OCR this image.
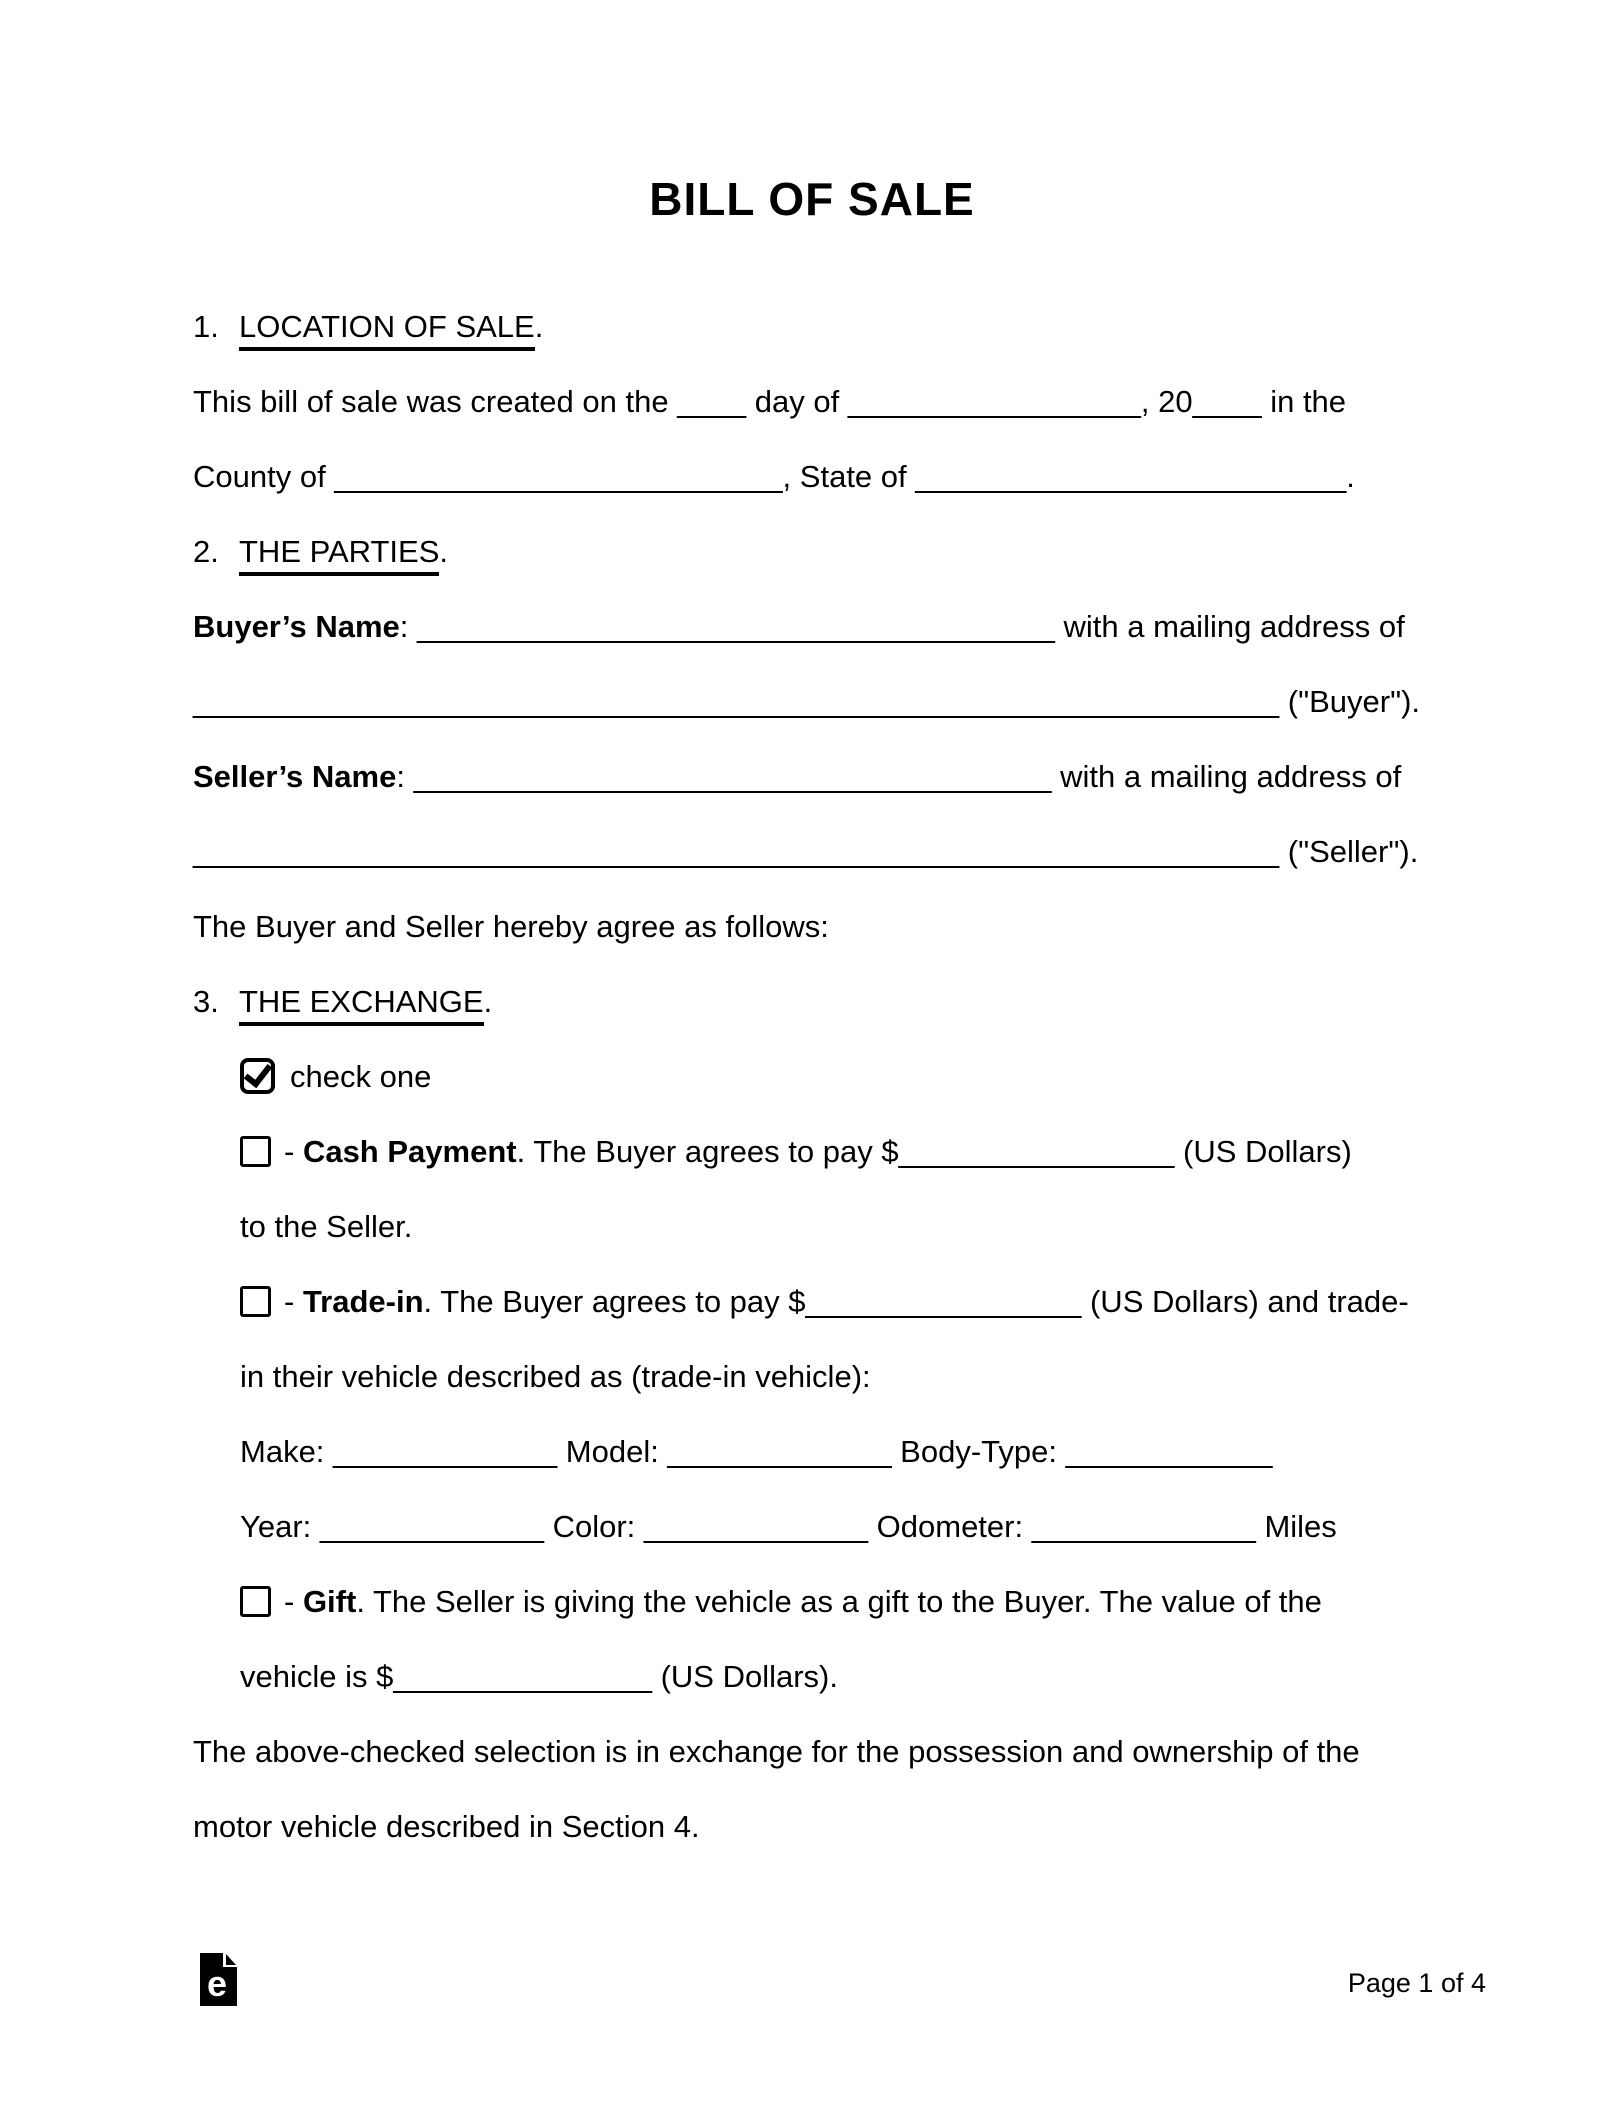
BILL OF SALE
1. LOCATION OF SALE.
This bill of sale was created on the ____ day of _________________, 20____ in the
County of __________________________, State of _________________________.
2. THE PARTIES.
Buyer’s Name: _____________________________________ with a mailing address of
_______________________________________________________________ ("Buyer").
Seller’s Name: _____________________________________ with a mailing address of
_______________________________________________________________ ("Seller").
The Buyer and Seller hereby agree as follows:
3. THE EXCHANGE.
check one
- Cash Payment. The Buyer agrees to pay $________________ (US Dollars)
to the Seller.
- Trade-in. The Buyer agrees to pay $________________ (US Dollars) and trade-
in their vehicle described as (trade-in vehicle):
Make: _____________ Model: _____________ Body-Type: ____________
Year: _____________ Color: _____________ Odometer: _____________ Miles
- Gift. The Seller is giving the vehicle as a gift to the Buyer. The value of the
vehicle is $_______________ (US Dollars).
The above-checked selection is in exchange for the possession and ownership of the
motor vehicle described in Section 4.
e	Page 1 of 4
